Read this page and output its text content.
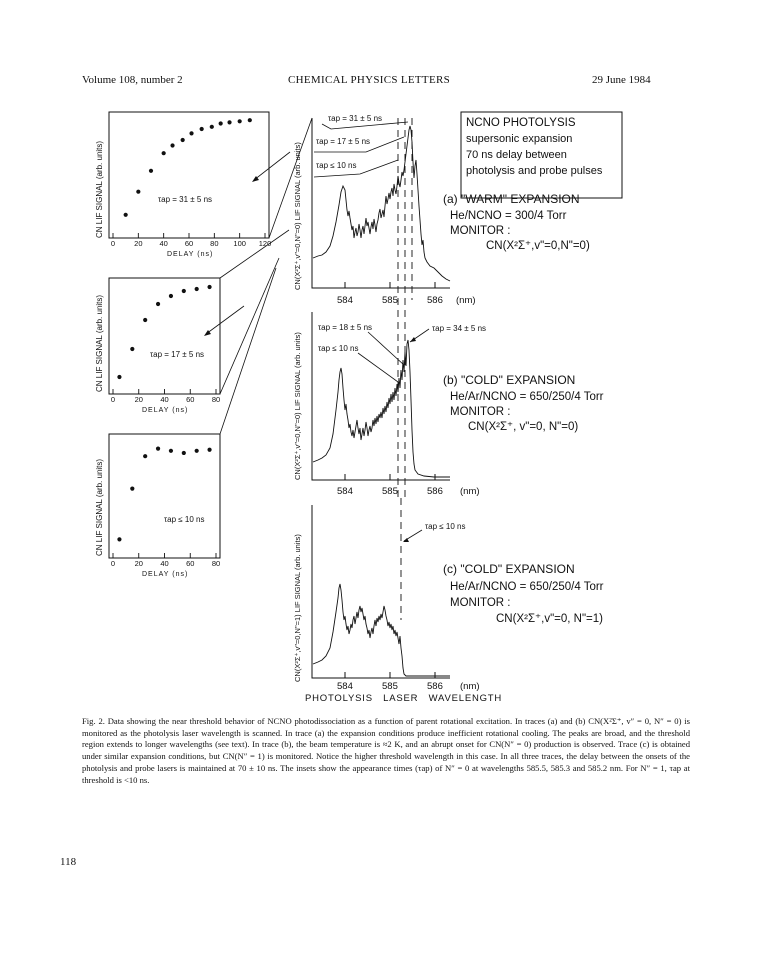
Volume 108, number 2	CHEMICAL PHYSICS LETTERS	29 June 1984
NCNO PHOTOLYSIS
supersonic expansion
70 ns delay between
photolysis and probe pulses
(a) "WARM" EXPANSION
He/NCNO = 300/4 Torr
MONITOR :
CN(X²Σ⁺,v"=0,N"=0)
(b) "COLD" EXPANSION
He/Ar/NCNO = 650/250/4 Torr
MONITOR :
CN(X²Σ⁺, v"=0, N"=0)
(c) "COLD" EXPANSION
He/Ar/NCNO = 650/250/4 Torr
MONITOR :
CN(X²Σ⁺,v"=0, N"=1)
CN(X²Σ⁺,v"=0,N"=0) LIF SIGNAL (arb. units)
CN(X²Σ⁺,v"=0,N"=0) LIF SIGNAL (arb. units)
CN(X²Σ⁺,v"=0,N"=1) LIF SIGNAL (arb. units)
584	585	586 (nm)
584	585	586 (nm)
584	585	586 (nm)
PHOTOLYSIS   LASER   WAVELENGTH
τap = 31 ± 5 ns
τap = 17 ± 5 ns
τap ≤ 10 ns
τap = 18 ± 5 ns
τap ≤ 10 ns
τap = 34 ± 5 ns
τap ≤ 10 ns
CN LIF SIGNAL (arb. units)
CN LIF SIGNAL (arb. units)
CN LIF SIGNAL (arb. units)
τap = 31 ± 5 ns
τap = 17 ± 5 ns
τap ≤ 10 ns
DELAY (ns)
DELAY (ns)
DELAY (ns)
0	20 40 60 80 100 120
0	20 40 60 80
0	20 40 60 80

Fig. 2. Data showing the near threshold behavior of NCNO photodissociation as a function of parent rotational excitation. In traces (a) and (b) CN(X²Σ⁺, v″ = 0, N″ = 0) is monitored as the photolysis laser wavelength is scanned. In trace (a) the expansion conditions produce inefficient rotational cooling. The peaks are broad, and the threshold region extends to longer wavelengths (see text). In trace (b), the beam temperature is ≈2 K, and an abrupt onset for CN(N″ = 0) production is observed. Trace (c) is obtained under similar expansion conditions, but CN(N″ = 1) is monitored. Notice the higher threshold wavelength in this case. In all three traces, the delay between the onsets of the photolysis and probe lasers is maintained at 70 ± 10 ns. The insets show the appearance times (τap) of N″ = 0 at wavelengths 585.5, 585.3 and 585.2 nm. For N″ = 1, τap at threshold is <10 ns.

118
